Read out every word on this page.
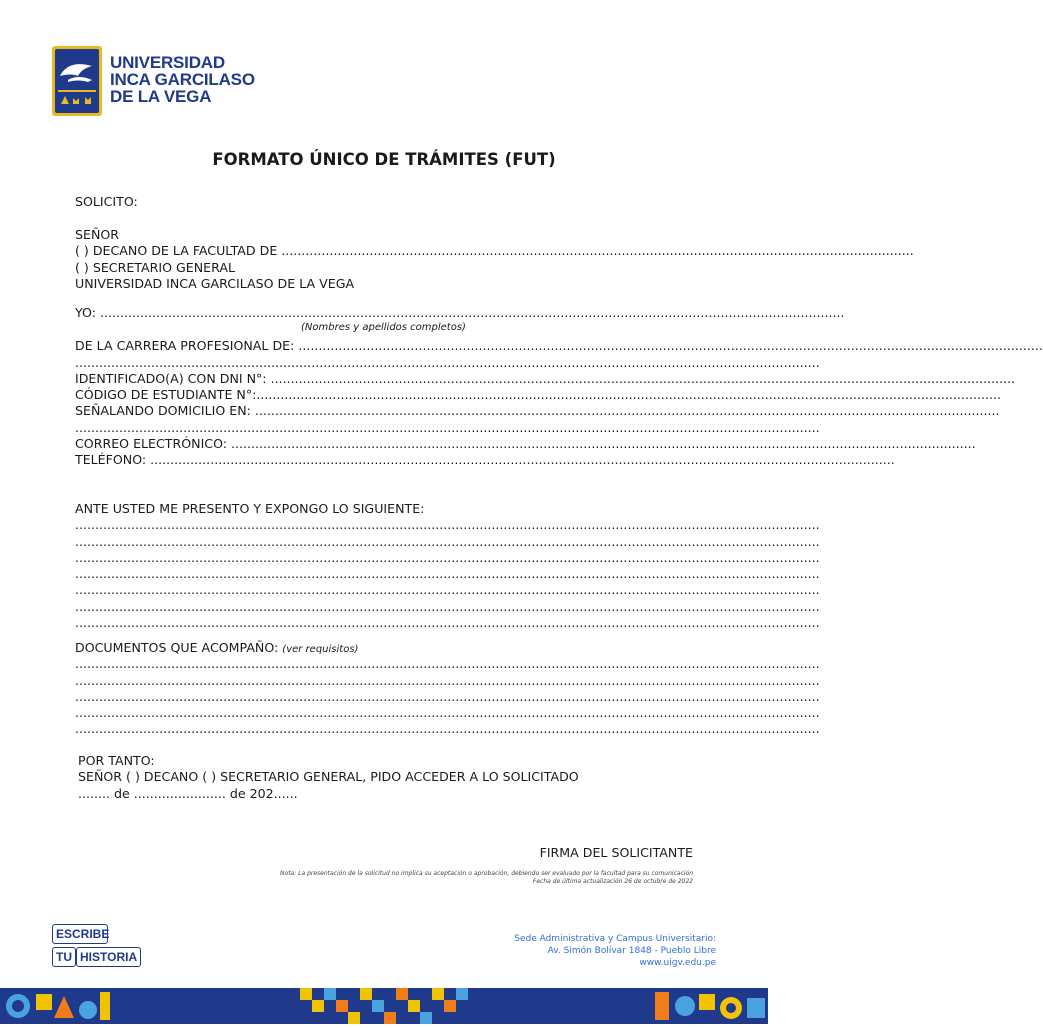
UNIVERSIDAD
INCA GARCILASO
DE LA VEGA
FORMATO ÚNICO DE TRÁMITES (FUT)
SOLICITO:
SEÑOR
( ) DECANO DE LA FACULTAD DE ..............................................................................................................................................................
( ) SECRETARIO GENERAL
UNIVERSIDAD INCA GARCILASO DE LA VEGA
YO: ..........................................................................................................................................................................................
(Nombres y apellidos completos)
DE LA CARRERA PROFESIONAL DE: ..........................................................................................................................................................................................
..........................................................................................................................................................................................
IDENTIFICADO(A) CON DNI N°: ..........................................................................................................................................................................................
CÓDIGO DE ESTUDIANTE N°: ..........................................................................................................................................................................................
SEÑALANDO DOMICILIO EN: ..........................................................................................................................................................................................
..........................................................................................................................................................................................
CORREO ELECTRÓNICO: ..........................................................................................................................................................................................
TELÉFONO: ..........................................................................................................................................................................................
ANTE USTED ME PRESENTO Y EXPONGO LO SIGUIENTE:
..........................................................................................................................................................................................
..........................................................................................................................................................................................
..........................................................................................................................................................................................
..........................................................................................................................................................................................
..........................................................................................................................................................................................
..........................................................................................................................................................................................
..........................................................................................................................................................................................
DOCUMENTOS QUE ACOMPAÑO: (ver requisitos)
..........................................................................................................................................................................................
..........................................................................................................................................................................................
..........................................................................................................................................................................................
..........................................................................................................................................................................................
..........................................................................................................................................................................................
POR TANTO:
SEÑOR ( ) DECANO ( ) SECRETARIO GENERAL, PIDO ACCEDER A LO SOLICITADO
........ de ....................... de 202......
FIRMA DEL SOLICITANTE
Nota: La presentación de la solicitud no implica su aceptación o aprobación, debiendo ser evaluado por la facultad para su comunicación
Fecha de última actualización 26 de octubre de 2022
ESCRIBE
TU HISTORIA
Sede Administrativa y Campus Universitario:
Av. Simón Bolívar 1848 - Pueblo Libre
www.uigv.edu.pe
